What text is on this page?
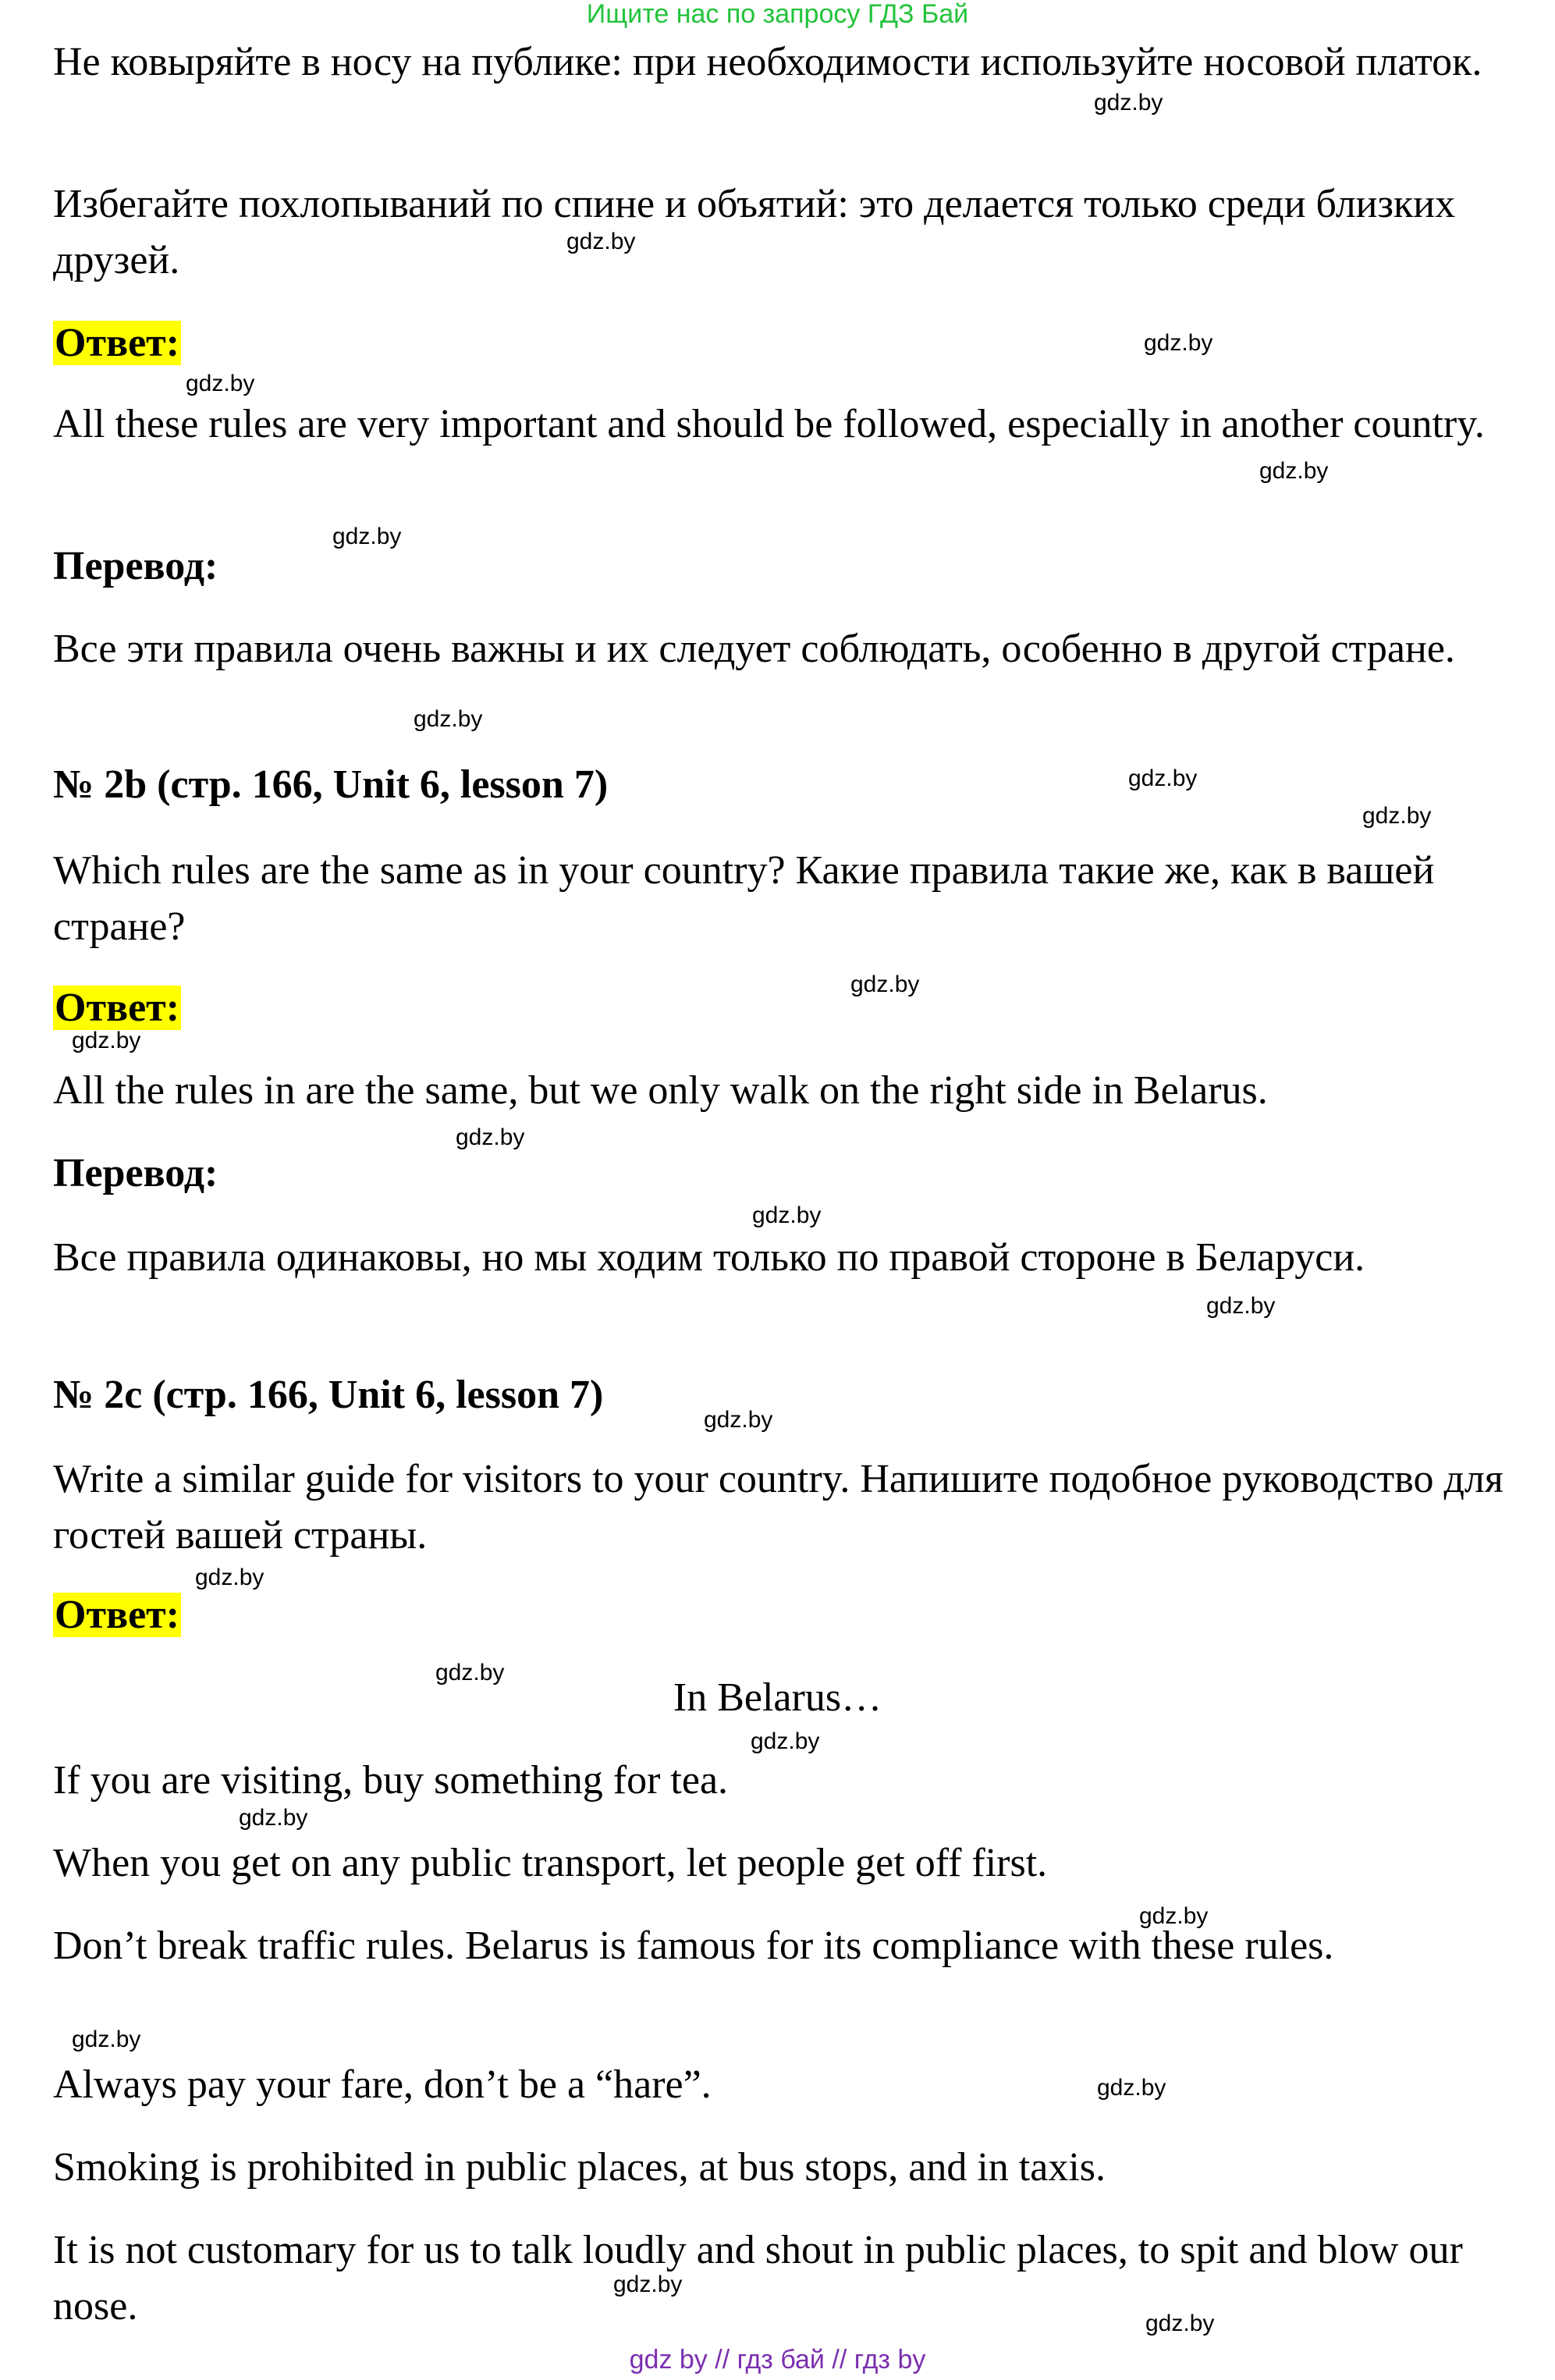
Ищите нас по запросу ГДЗ Бай

Не ковыряйте в носу на публике: при необходимости используйте носовой платок.

Избегайте похлопываний по спине и объятий: это делается только среди близких друзей.

Ответ:

All these rules are very important and should be followed, especially in another country.

Перевод:

Все эти правила очень важны и их следует соблюдать, особенно в другой стране.

№ 2b (стр. 166, Unit 6, lesson 7)

Which rules are the same as in your country? Какие правила такие же, как в вашей стране?

Ответ:

All the rules in are the same, but we only walk on the right side in Belarus.

Перевод:

Все правила одинаковы, но мы ходим только по правой стороне в Беларуси.

№ 2c (стр. 166, Unit 6, lesson 7)

Write a similar guide for visitors to your country. Напишите подобное руководство для гостей вашей страны.

Ответ:

In Belarus…

If you are visiting, buy something for tea.

When you get on any public transport, let people get off first.

Don’t break traffic rules. Belarus is famous for its compliance with these rules.

Always pay your fare, don’t be a “hare”.

Smoking is prohibited in public places, at bus stops, and in taxis.

It is not customary for us to talk loudly and shout in public places, to spit and blow our nose.

gdz.by
gdz.by
gdz.by
gdz.by
gdz.by
gdz.by
gdz.by
gdz.by
gdz.by
gdz.by
gdz.by
gdz.by
gdz.by
gdz.by
gdz.by
gdz.by
gdz.by
gdz.by
gdz.by
gdz.by
gdz.by
gdz.by
gdz.by
gdz.by
gdz by // гдз бай // гдз by
